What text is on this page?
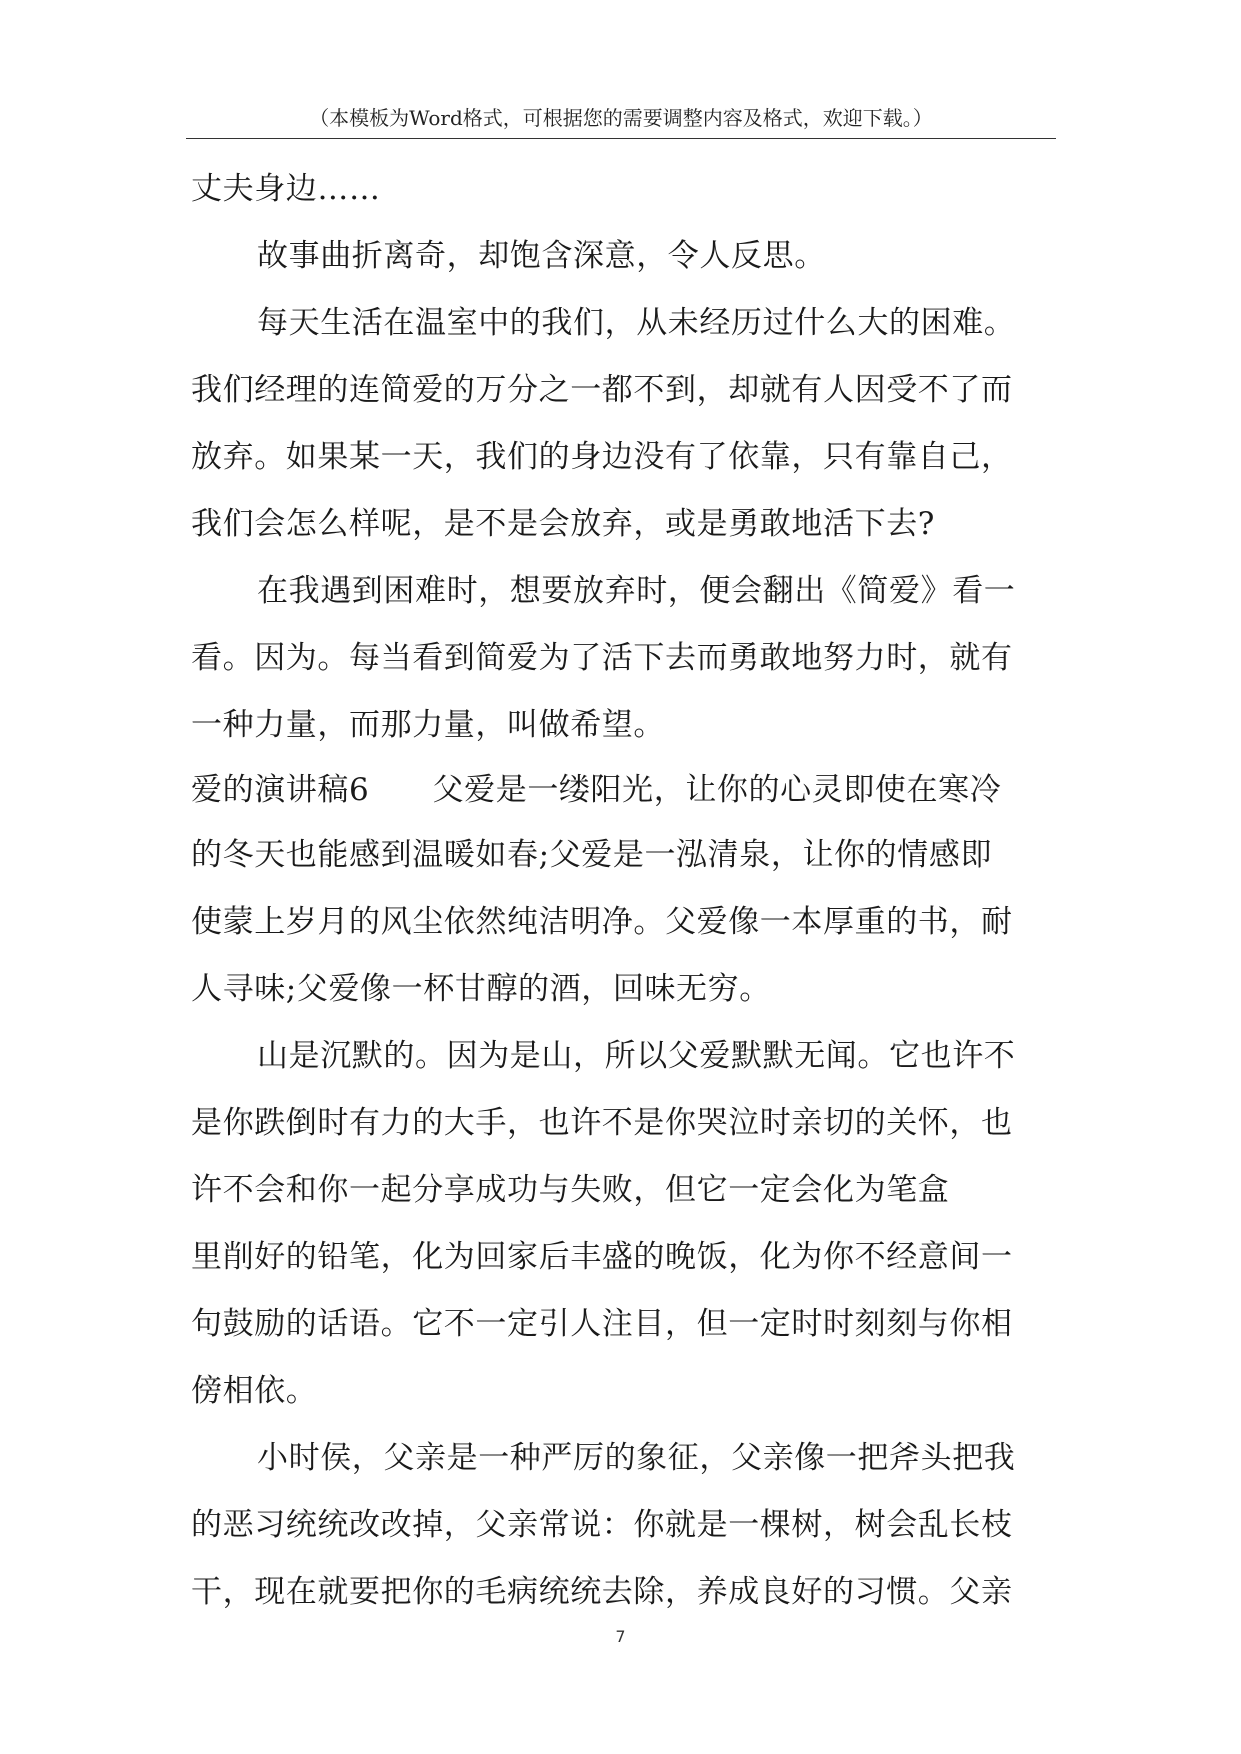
（本模板为Word格式，可根据您的需要调整内容及格式，欢迎下载。）
丈夫身边……
故事曲折离奇，却饱含深意，令人反思。
每天生活在温室中的我们，从未经历过什么大的困难。
我们经理的连简爱的万分之一都不到，却就有人因受不了而
放弃。如果某一天，我们的身边没有了依靠，只有靠自己，
我们会怎么样呢，是不是会放弃，或是勇敢地活下去?
在我遇到困难时，想要放弃时，便会翻出《简爱》看一
看。因为。每当看到简爱为了活下去而勇敢地努力时，就有
一种力量，而那力量，叫做希望。
爱的演讲稿6　　父爱是一缕阳光，让你的心灵即使在寒冷
的冬天也能感到温暖如春;父爱是一泓清泉，让你的情感即
使蒙上岁月的风尘依然纯洁明净。父爱像一本厚重的书，耐
人寻味;父爱像一杯甘醇的酒，回味无穷。
山是沉默的。因为是山，所以父爱默默无闻。它也许不
是你跌倒时有力的大手，也许不是你哭泣时亲切的关怀，也
许不会和你一起分享成功与失败，但它一定会化为笔盒
里削好的铅笔，化为回家后丰盛的晚饭，化为你不经意间一
句鼓励的话语。它不一定引人注目，但一定时时刻刻与你相
傍相依。
小时侯，父亲是一种严厉的象征，父亲像一把斧头把我
的恶习统统改改掉，父亲常说：你就是一棵树，树会乱长枝
干，现在就要把你的毛病统统去除，养成良好的习惯。父亲
7
